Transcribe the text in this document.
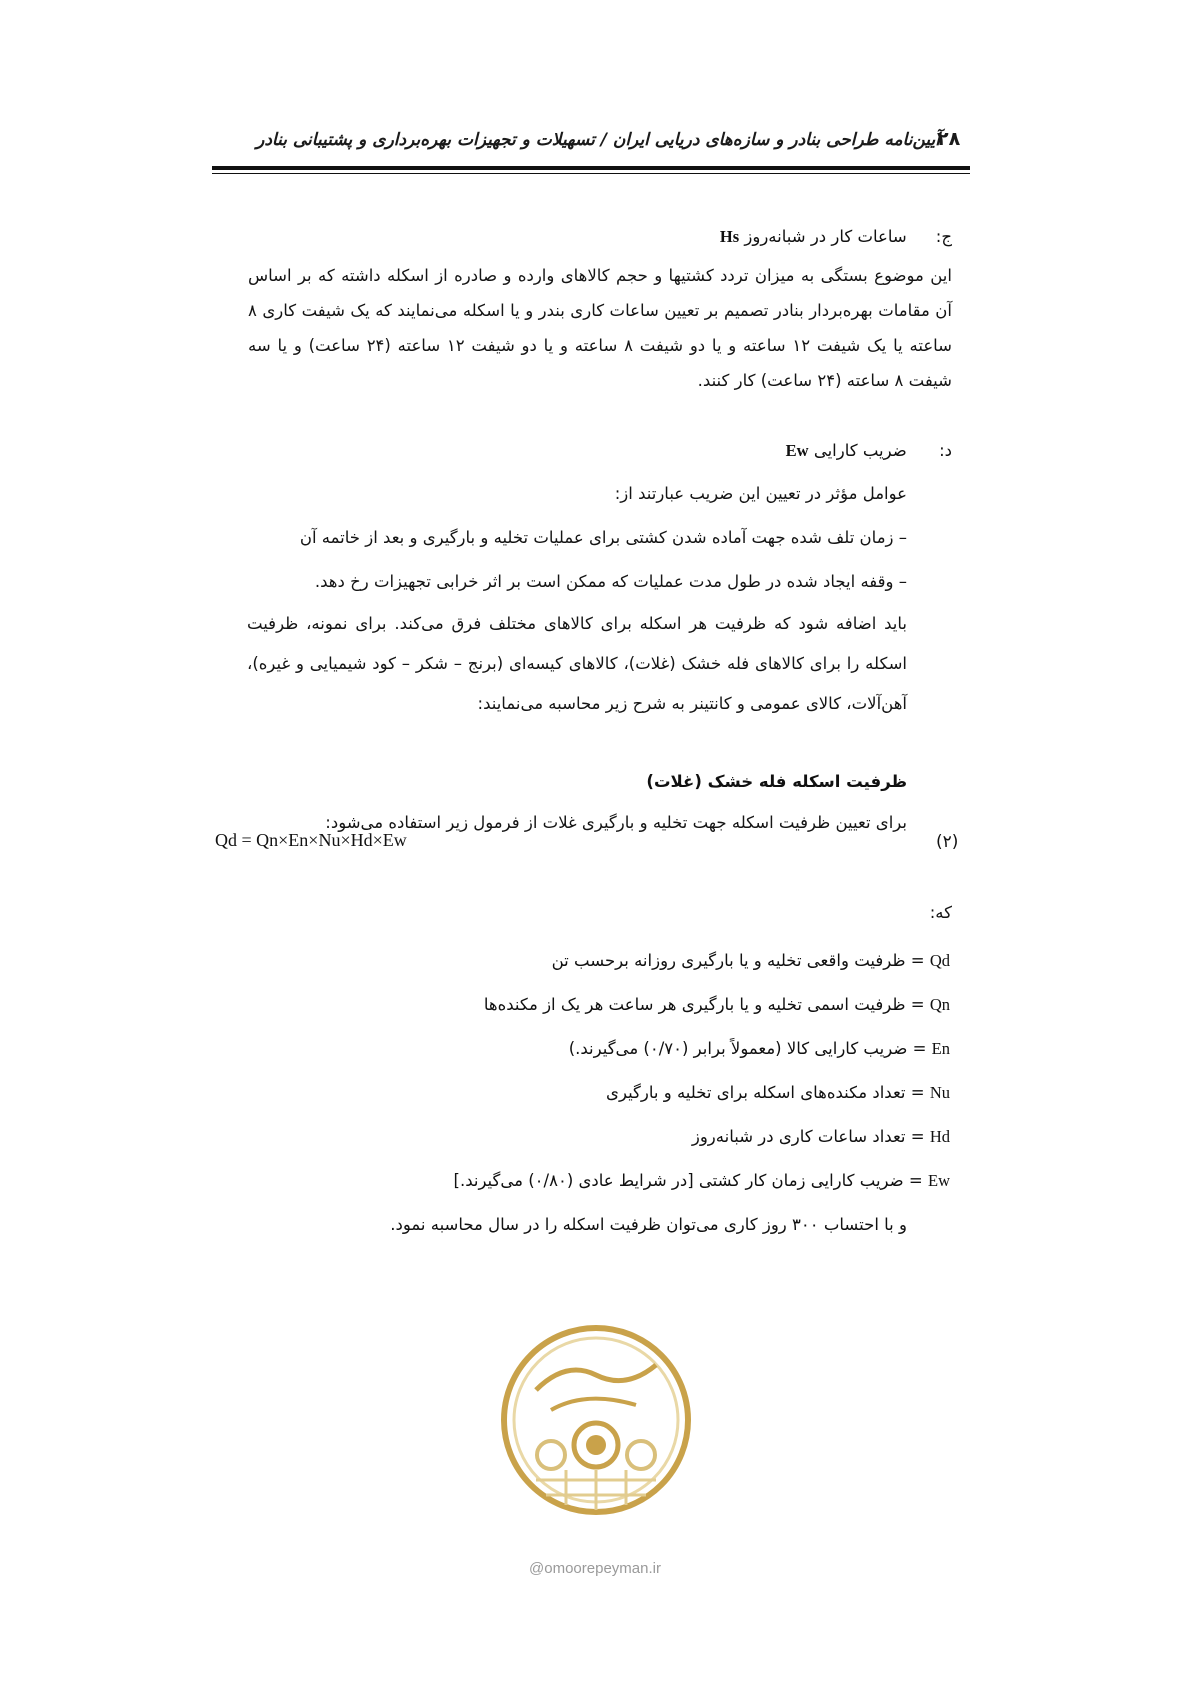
آیین‌نامه طراحی بنادر و سازه‌های دریایی ایران / تسهیلات و تجهیزات بهره‌برداری و پشتیبانی بنادر
۲۸
ج: ساعات کار در شبانه‌روز Hs
این موضوع بستگی به میزان تردد کشتیها و حجم کالاهای وارده و صادره از اسکله داشته که بر اساس آن مقامات بهره‌بردار بنادر تصمیم بر تعیین ساعات کاری بندر و یا اسکله می‌نمایند که یک شیفت کاری ۸ ساعته یا یک شیفت ۱۲ ساعته و یا دو شیفت ۸ ساعته و یا دو شیفت ۱۲ ساعته (۲۴ ساعت) و یا سه شیفت ۸ ساعته (۲۴ ساعت) کار کنند.
د: ضریب کارایی Ew
عوامل مؤثر در تعیین این ضریب عبارتند از:
– زمان تلف شده جهت آماده شدن کشتی برای عملیات تخلیه و بارگیری و بعد از خاتمه آن
– وقفه ایجاد شده در طول مدت عملیات که ممکن است بر اثر خرابی تجهیزات رخ دهد.
باید اضافه شود که ظرفیت هر اسکله برای کالاهای مختلف فرق می‌کند. برای نمونه، ظرفیت اسکله را برای کالاهای فله خشک (غلات)، کالاهای کیسه‌ای (برنج – شکر – کود شیمیایی و غیره)، آهن‌آلات، کالای عمومی و کانتینر به شرح زیر محاسبه می‌نمایند:
ظرفیت اسکله فله خشک (غلات)
برای تعیین ظرفیت اسکله جهت تخلیه و بارگیری غلات از فرمول زیر استفاده می‌شود:
Qd = Qn×En×Nu×Hd×Ew	(۲)
که:
Qd = ظرفیت واقعی تخلیه و یا بارگیری روزانه برحسب تن
Qn = ظرفیت اسمی تخلیه و یا بارگیری هر ساعت هر یک از مکنده‌ها
En = ضریب کارایی کالا (معمولاً برابر (۰/۷۰) می‌گیرند.)
Nu = تعداد مکنده‌های اسکله برای تخلیه و بارگیری
Hd = تعداد ساعات کاری در شبانه‌روز
Ew = ضریب کارایی زمان کار کشتی [در شرایط عادی (۰/۸۰) می‌گیرند.]
و با احتساب ۳۰۰ روز کاری می‌توان ظرفیت اسکله را در سال محاسبه نمود.
@omoorepeyman.ir
